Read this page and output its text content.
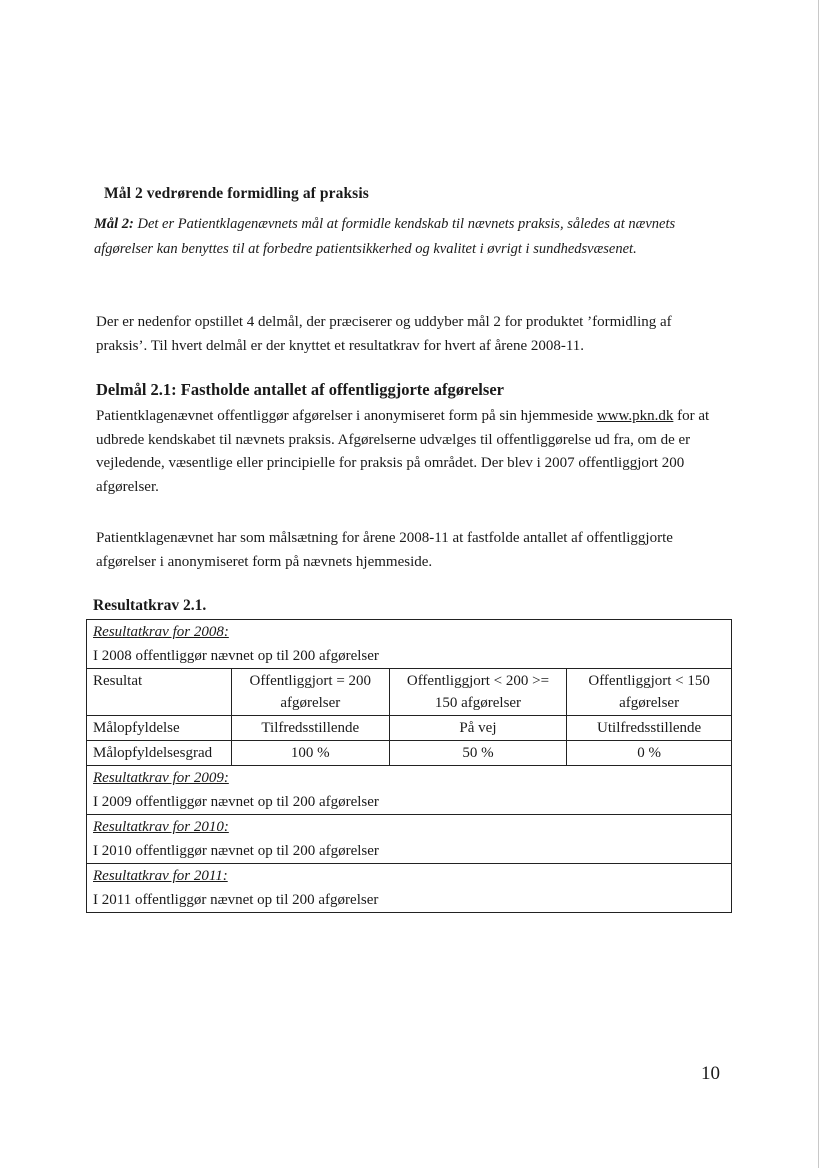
Mål 2 vedrørende formidling af praksis
Mål 2: Det er Patientklagenævnets mål at formidle kendskab til nævnets praksis, således at nævnets afgørelser kan benyttes til at forbedre patientsikkerhed og kvalitet i øvrigt i sundhedsvæsenet.
Der er nedenfor opstillet 4 delmål, der præciserer og uddyber mål 2 for produktet ’formidling af praksis’. Til hvert delmål er der knyttet et resultatkrav for hvert af årene 2008-11.
Delmål 2.1: Fastholde antallet af offentliggjorte afgørelser
Patientklagenævnet offentliggør afgørelser i anonymiseret form på sin hjemmeside www.pkn.dk for at udbrede kendskabet til nævnets praksis. Afgørelserne udvælges til offentliggørelse ud fra, om de er vejledende, væsentlige eller principielle for praksis på området. Der blev i 2007 offentliggjort 200 afgørelser.
Patientklagenævnet har som målsætning for årene 2008-11 at fastfolde antallet af offentliggjorte afgørelser i anonymiseret form på nævnets hjemmeside.
Resultatkrav 2.1.
Resultatkrav for 2008:			
I 2008 offentliggør nævnet op til 200 afgørelser			
Resultat	Offentliggjort = 200 afgørelser	Offentliggjort < 200 >= 150 afgørelser	Offentliggjort < 150 afgørelser
Målopfyldelse	Tilfredsstillende	På vej	Utilfredsstillende
Målopfyldelsesgrad	100 %	50 %	0 %
Resultatkrav for 2009:			
I 2009 offentliggør nævnet op til 200 afgørelser			
Resultatkrav for 2010:			
I 2010 offentliggør nævnet op til 200 afgørelser			
Resultatkrav for 2011:			
I 2011 offentliggør nævnet op til 200 afgørelser			
10
